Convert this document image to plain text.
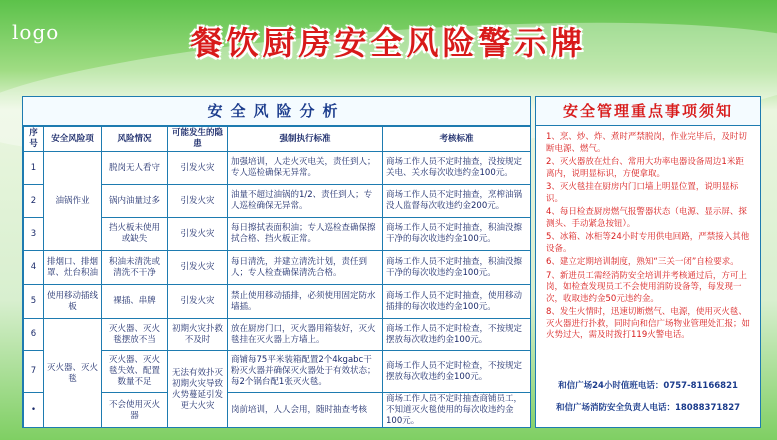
logo	餐饮厨房安全风险警示牌
安全风险分析
序号	安全风险项	风险情况	可能发生的隐患	强制执行标准	考核标准
1	油锅作业	脱岗无人看守	引发火灾	加强培训，人走火灭电关，责任到人；专人巡检确保无异常。	商场工作人员不定时抽查，没按规定关电、关水每次收违约金100元。
2		锅内油量过多	引发火灾	油量不超过油锅的1/2、责任到人；专人巡检确保无异常。	商场工作人员不定时抽查，烹榨油锅没人监督每次收违约金200元。
3		挡火板未使用或缺失	引发火灾	每日擦拭表面积油；专人巡检查确保擦拭合格、挡火板正常。	商场工作人员不定时抽查，积油没擦干净的每次收违约金100元。
4	排烟口、排烟罩、灶台积油	积油未清洗或清洗不干净	引发火灾	每日清洗，并建立清洗计划，责任到人；专人检查确保清洗合格。	商场工作人员不定时抽查，积油没擦干净的每次收违约金100元。
5	使用移动插线板	裸插、串牌	引发火灾	禁止使用移动插排，必须使用固定防水墙插。	商场工作人员不定时抽查，使用移动插排的每次收违约金100元。
6	灭火器、灭火毯	灭火器、灭火毯摆放不当	初期火灾扑救不及时	放在厨房门口，灭火器用箱装好，灭火毯挂在灭火器上方墙上。	商场工作人员不定时检查，不按规定摆放每次收违约金100元。
7		灭火器、灭火毯失效、配置数量不足	无法有效扑灭初期火灾导致火势蔓延引发更大火灾	商铺每75平米装箱配置2个4kgabc干粉灭火器并确保灭火器处于有效状态；每2个锅台配1张灭火毯。	商场工作人员不定时检查，不按规定摆放每次收违约金100元。
•		不会使用灭火器		岗前培训，人人会用，随时抽查考核	商场工作人员不定时抽查商铺员工，不知道灭火毯使用的每次收违约金100元。
安全管理重点事项须知

1、烹、炒、炸、煮时严禁脱岗，作业完毕后，及时切断电源、燃气。

2、灭火器放在灶台、常用大功率电器设备周边1米距离内，说明显标识，方便拿取。

3、灭火毯挂在厨房内门口墙上明显位置，说明显标识。

4、每日检查厨房燃气报警器状态（电源、显示屏、探测头、手动紧急按钮）。

5、冰箱、冰柜等24小时专用供电回路，严禁接入其他设备。

6、建立定期培训制度，熟知“三关一闭”自检要求。

7、新进员工需经消防安全培训并考核通过后，方可上岗，如检查发现员工不会使用消防设备等，每发现一次，收取违约金50元违约金。

8、发生火情时，迅速切断燃气、电源，使用灭火毯、灭火器进行扑救，同时向和信广场物业管理处汇报；如火势过大，需及时拨打119火警电话。

和信广场24小时值班电话：0757-81166821
和信广场消防安全负责人电话：18088371827
